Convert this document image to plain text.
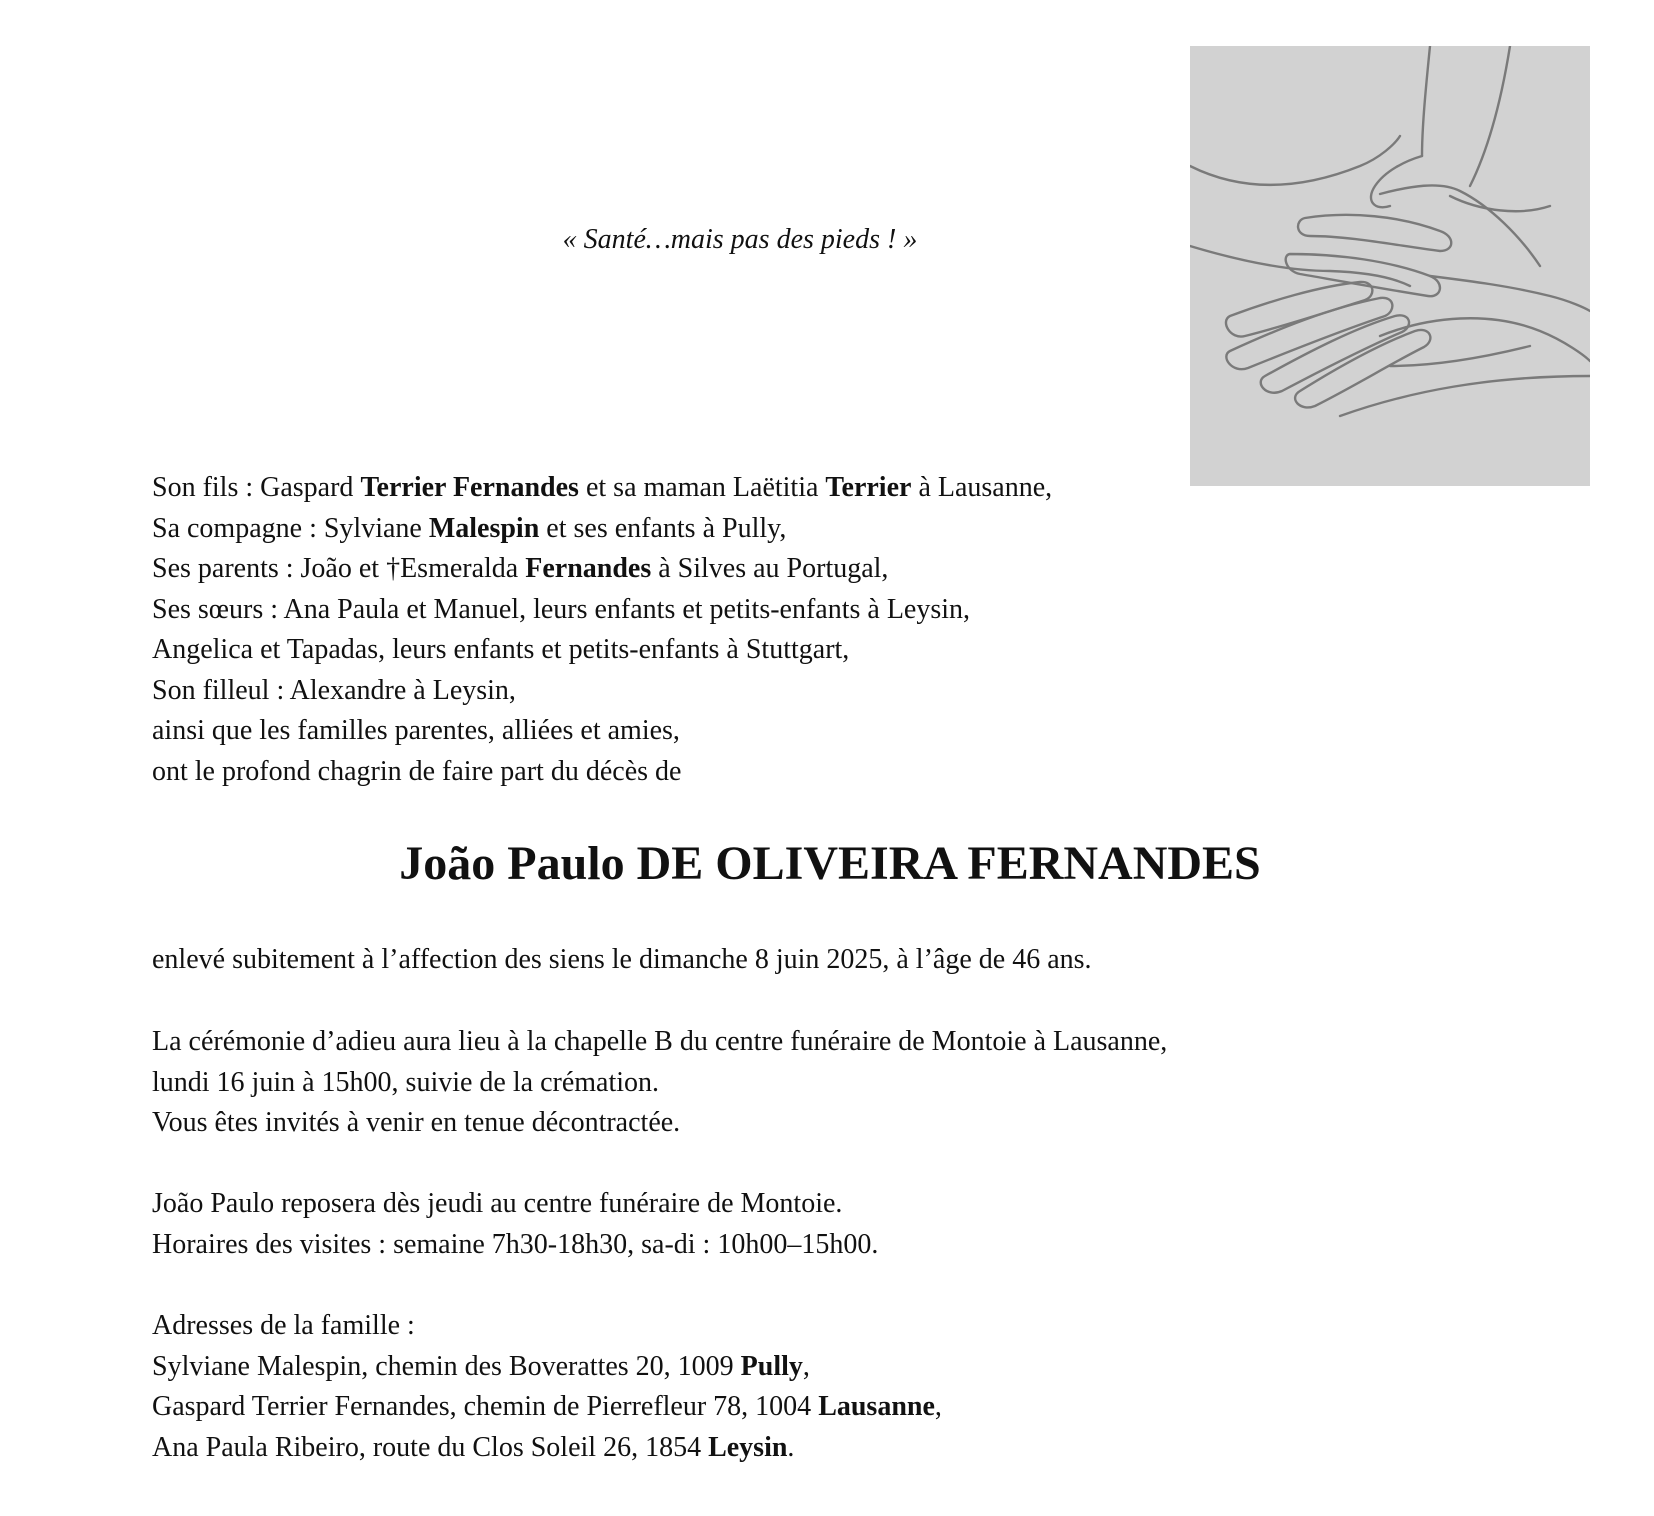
« Santé…mais pas des pieds ! »
Son fils : Gaspard Terrier Fernandes et sa maman Laëtitia Terrier à Lausanne,
Sa compagne : Sylviane Malespin et ses enfants à Pully,
Ses parents : João et †Esmeralda Fernandes à Silves au Portugal,
Ses sœurs : Ana Paula et Manuel, leurs enfants et petits-enfants à Leysin,
Angelica et Tapadas, leurs enfants et petits-enfants à Stuttgart,
Son filleul : Alexandre à Leysin,
ainsi que les familles parentes, alliées et amies,
ont le profond chagrin de faire part du décès de
João Paulo DE OLIVEIRA FERNANDES
enlevé subitement à l’affection des siens le dimanche 8 juin 2025, à l’âge de 46 ans.
La cérémonie d’adieu aura lieu à la chapelle B du centre funéraire de Montoie à Lausanne,
lundi 16 juin à 15h00, suivie de la crémation.
Vous êtes invités à venir en tenue décontractée.
João Paulo reposera dès jeudi au centre funéraire de Montoie.
Horaires des visites : semaine 7h30-18h30, sa-di : 10h00–15h00.
Adresses de la famille :
Sylviane Malespin, chemin des Boverattes 20, 1009 Pully,
Gaspard Terrier Fernandes, chemin de Pierrefleur 78, 1004 Lausanne,
Ana Paula Ribeiro, route du Clos Soleil 26, 1854 Leysin.
